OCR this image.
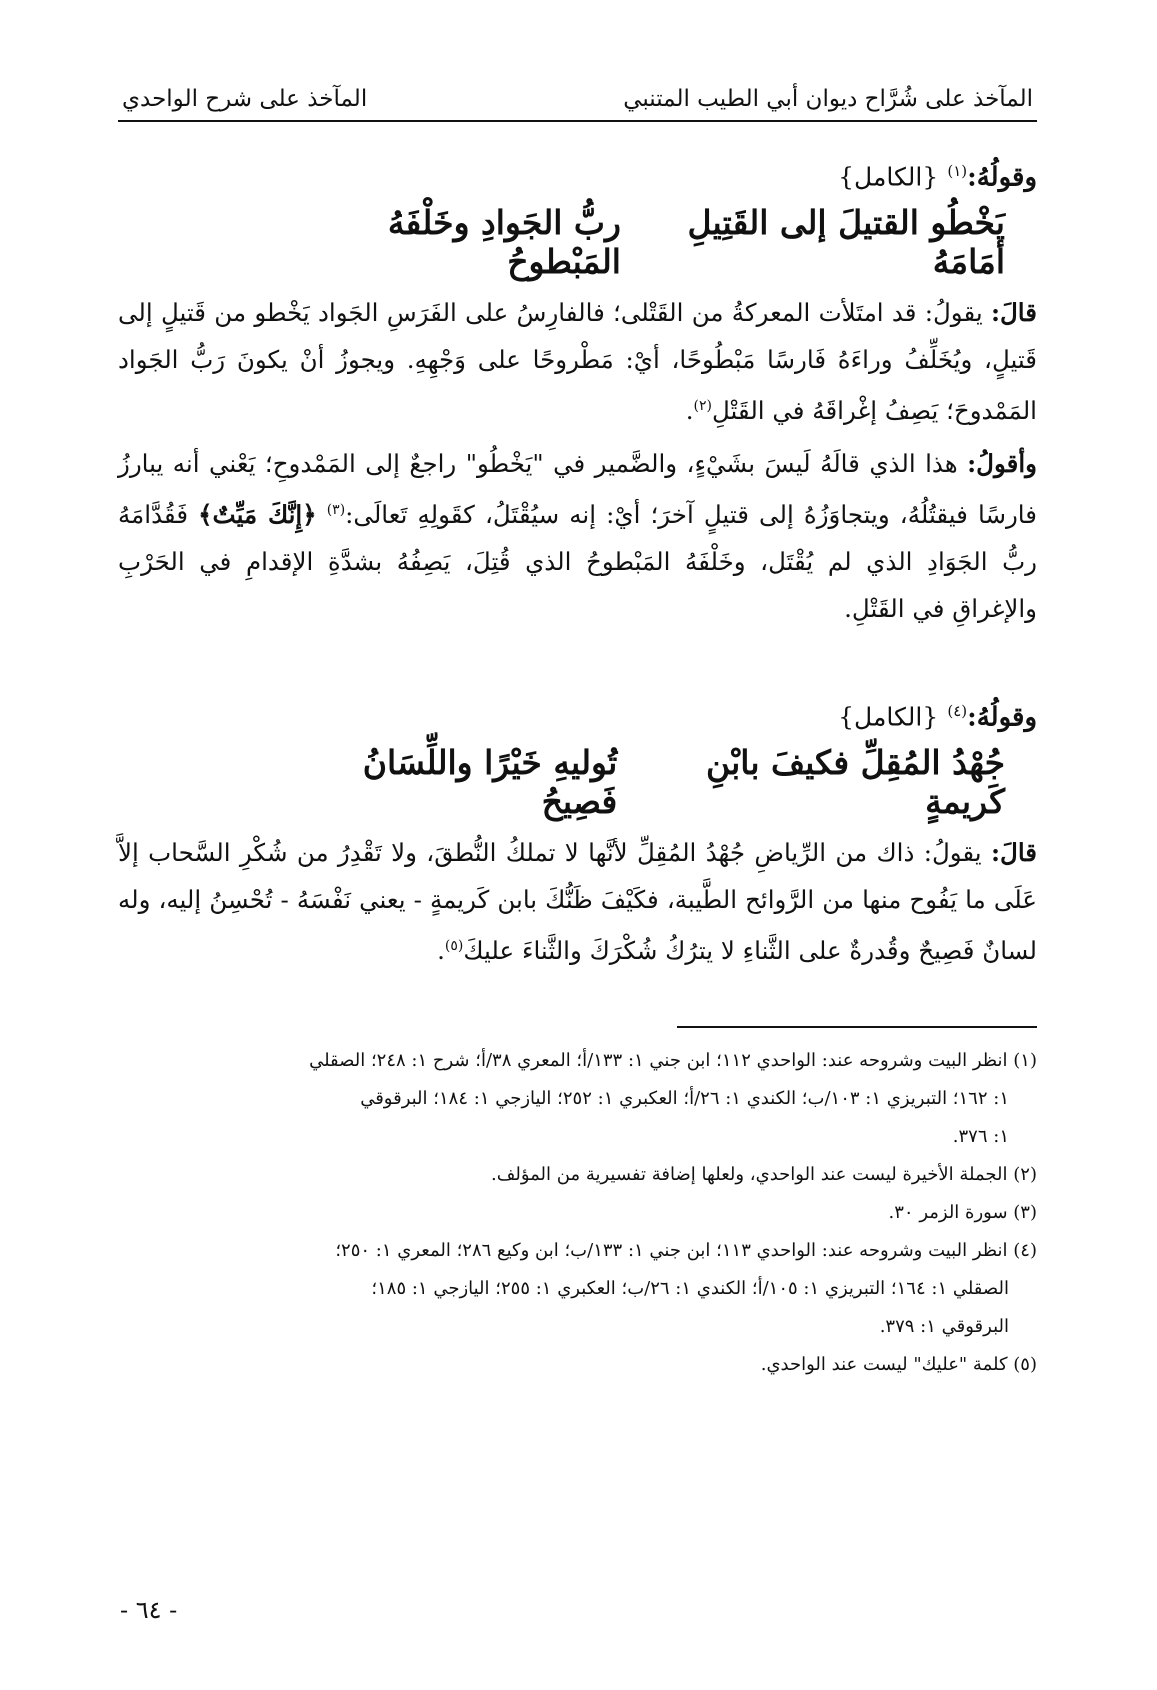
المآخذ على شُرَّاح ديوان أبي الطيب المتنبي
المآخذ على شرح الواحدي
وقولُهُ:$^{(١)}$ {الكامل}
يَخْطُو القتيلَ إلى القَتِيلِ أمَامَهُ
ربُّ الجَوادِ وخَلْفَهُ المَبْطوحُ

قالَ: يقولُ: قد امتَلأت المعركةُ من القَتْلى؛ فالفارِسُ على الفَرَسِ الجَواد يَخْطو من قَتيلٍ إلى قَتيلٍ، ويُخَلِّفُ وراءَهُ فَارسًا مَبْطُوحًا، أيْ: مَطْروحًا على وَجْهِهِ. ويجوزُ أنْ يكونَ رَبُّ الجَواد المَمْدوحَ؛ يَصِفُ إغْراقَهُ في القَتْلِ$^{(٢)}$.

وأقولُ: هذا الذي قالَهُ لَيسَ بشَيْءٍ، والضَّمير في "يَخْطُو" راجعٌ إلى المَمْدوحِ؛ يَعْني أنه يبارزُ فارسًا فيقتُلُهُ، ويتجاوَزُهُ إلى قتيلٍ آخرَ؛ أيْ: إنه سيُقْتَلُ، كقَولِهِ تَعالَى:$^{(٣)}$ ﴿إِنَّكَ مَيِّتٌ﴾ فَقُدَّامَهُ ربُّ الجَوَادِ الذي لم يُقْتَل، وخَلْفَهُ المَبْطوحُ الذي قُتِلَ، يَصِفُهُ بشدَّةِ الإقدامِ في الحَرْبِ والإغراقِ في القَتْلِ.

وقولُهُ:$^{(٤)}$ {الكامل}
جُهْدُ المُقِلِّ فكيفَ بابْنِ كَريمةٍ
تُوليهِ خَيْرًا واللِّسَانُ فَصِيحُ

قالَ: يقولُ: ذاك من الرِّياضِ جُهْدُ المُقِلِّ لأنَّها لا تملكُ النُّطقَ، ولا تَقْدِرُ من شُكْرِ السَّحاب إلاَّ عَلَى ما يَفُوح منها من الرَّوائح الطَّيبة، فكَيْفَ ظَنُّكَ بابن كَريمةٍ - يعني نَفْسَهُ - تُحْسِنُ إليه، وله لسانٌ فَصِيحٌ وقُدرةٌ على الثَّناءِ لا يترُكُ شُكْرَكَ والثَّناءَ عليكَ$^{(٥)}$.

(١) انظر البيت وشروحه عند: الواحدي ١١٢؛ ابن جني ١: ١٣٣/أ؛ المعري ٣٨/أ؛ شرح ١: ٢٤٨؛ الصقلي

١: ١٦٢؛ التبريزي ١: ١٠٣/ب؛ الكندي ١: ٢٦/أ؛ العكبري ١: ٢٥٢؛ اليازجي ١: ١٨٤؛ البرقوقي

١: ٣٧٦.

(٢) الجملة الأخيرة ليست عند الواحدي، ولعلها إضافة تفسيرية من المؤلف.

(٣) سورة الزمر ٣٠.

(٤) انظر البيت وشروحه عند: الواحدي ١١٣؛ ابن جني ١: ١٣٣/ب؛ ابن وكيع ٢٨٦؛ المعري ١: ٢٥٠؛

الصقلي ١: ١٦٤؛ التبريزي ١: ١٠٥/أ؛ الكندي ١: ٢٦/ب؛ العكبري ١: ٢٥٥؛ اليازجي ١: ١٨٥؛

البرقوقي ١: ٣٧٩.

(٥) كلمة "عليك" ليست عند الواحدي.

- ٦٤ -
